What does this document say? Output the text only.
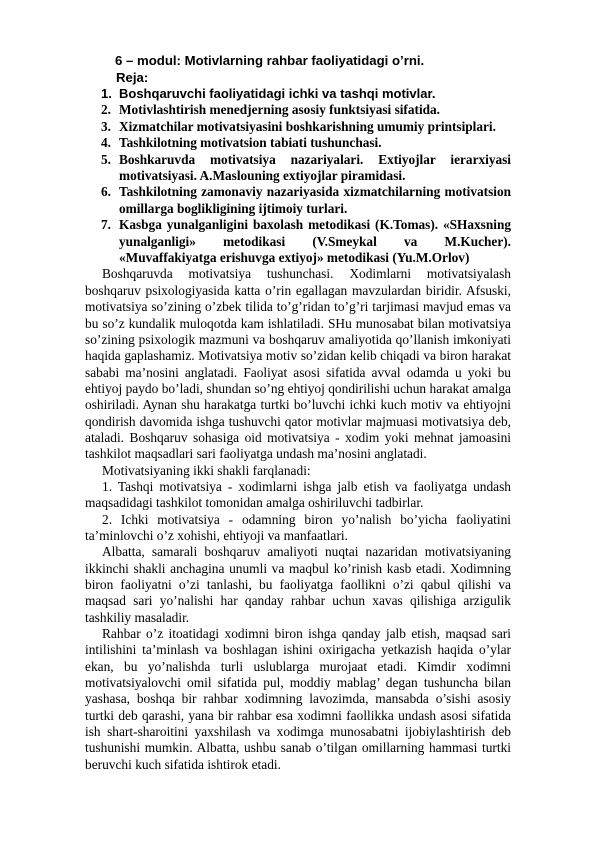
6 – modul: Motivlarning rahbar faoliyatidagi o’rni.
Reja:
1. Boshqaruvchi faoliyatidagi ichki va tashqi motivlar.
2. Motivlashtirish menedjerning asosiy funktsiyasi sifatida.
3. Xizmatchilar motivatsiyasini boshkarishning umumiy printsiplari.
4. Tashkilotning motivatsion tabiati tushunchasi.
5. Boshkaruvda motivatsiya nazariyalari. Extiyojlar ierarxiyasi motivatsiyasi. A.Maslouning extiyojlar piramidasi.
6. Tashkilotning zamonaviy nazariyasida xizmatchilarning motivatsion omillarga boglikligining ijtimoiy turlari.
7. Kasbga yunalganligini baxolash metodikasi (K.Tomas). «SHaxsning yunalganligi» metodikasi (V.Smeykal va M.Kucher). «Muvaffakiyatga erishuvga extiyoj» metodikasi (Yu.M.Orlov)

Boshqaruvda motivatsiya tushunchasi. Xodimlarni motivatsiyalash boshqaruv psixologiyasida katta o’rin egallagan mavzulardan biridir. Afsuski, motivatsiya so’zining o’zbek tilida to’g’ridan to’g’ri tarjimasi mavjud emas va bu so’z kundalik muloqotda kam ishlatiladi. SHu munosabat bilan motivatsiya so’zining psixologik mazmuni va boshqaruv amaliyotida qo’llanish imkoniyati haqida gaplashamiz. Motivatsiya motiv so’zidan kelib chiqadi va biron harakat sababi ma’nosini anglatadi. Faoliyat asosi sifatida avval odamda u yoki bu ehtiyoj paydo bo’ladi, shundan so’ng ehtiyoj qondirilishi uchun harakat amalga oshiriladi. Aynan shu harakatga turtki bo’luvchi ichki kuch motiv va ehtiyojni qondirish davomida ishga tushuvchi qator motivlar majmuasi motivatsiya deb, ataladi. Boshqaruv sohasiga oid motivatsiya - xodim yoki mehnat jamoasini tashkilot maqsadlari sari faoliyatga undash ma’nosini anglatadi.

Motivatsiyaning ikki shakli farqlanadi:

1. Tashqi motivatsiya - xodimlarni ishga jalb etish va faoliyatga undash maqsadidagi tashkilot tomonidan amalga oshiriluvchi tadbirlar.

2. Ichki motivatsiya - odamning biron yo’nalish bo’yicha faoliyatini ta’minlovchi o’z xohishi, ehtiyoji va manfaatlari.

Albatta, samarali boshqaruv amaliyoti nuqtai nazaridan motivatsiyaning ikkinchi shakli anchagina unumli va maqbul ko’rinish kasb etadi. Xodimning biron faoliyatni o’zi tanlashi, bu faoliyatga faollikni o’zi qabul qilishi va maqsad sari yo’nalishi har qanday rahbar uchun xavas qilishiga arzigulik tashkiliy masaladir.

Rahbar o’z itoatidagi xodimni biron ishga qanday jalb etish, maqsad sari intilishini ta’minlash va boshlagan ishini oxirigacha yetkazish haqida o’ylar ekan, bu yo’nalishda turli uslublarga murojaat etadi. Kimdir xodimni motivatsiyalovchi omil sifatida pul, moddiy mablag’ degan tushuncha bilan yashasa, boshqa bir rahbar xodimning lavozimda, mansabda o’sishi asosiy turtki deb qarashi, yana bir rahbar esa xodimni faollikka undash asosi sifatida ish shart-sharoitini yaxshilash va xodimga munosabatni ijobiylashtirish deb tushunishi mumkin. Albatta, ushbu sanab o’tilgan omillarning hammasi turtki beruvchi kuch sifatida ishtirok etadi.
